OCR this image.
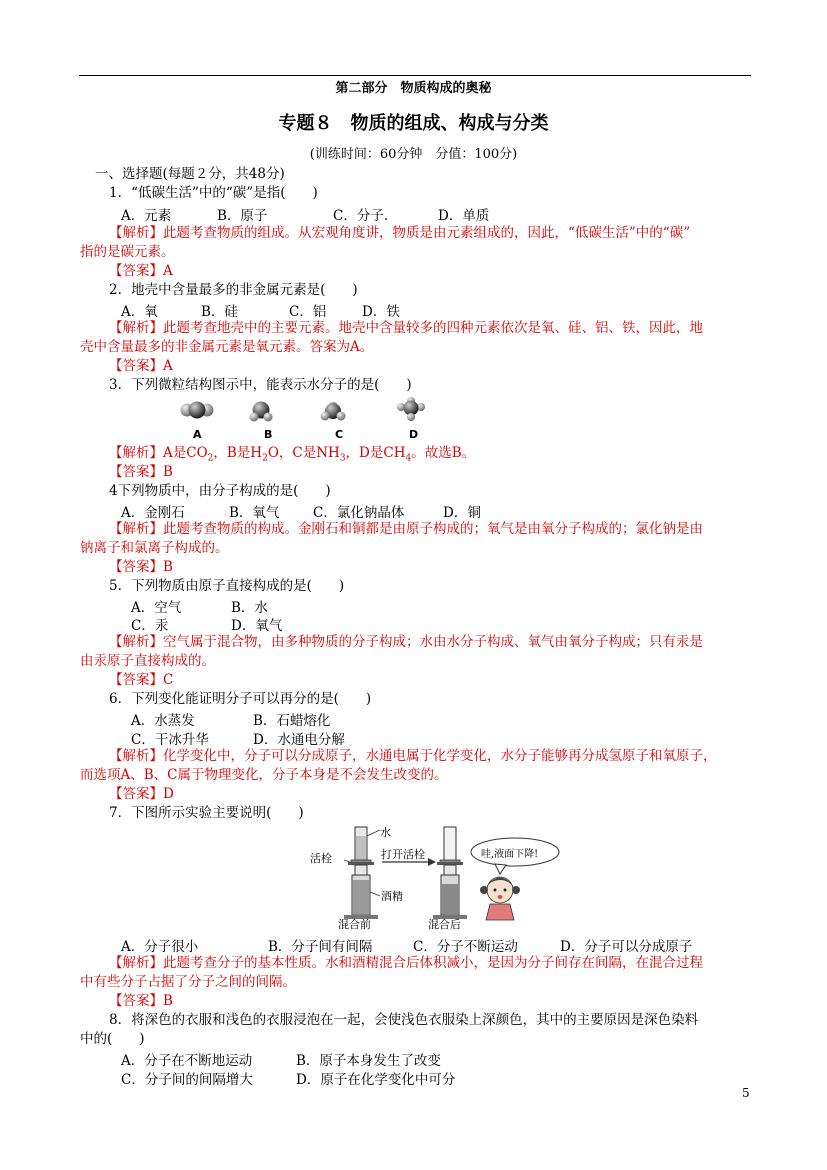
第二部分　物质构成的奥秘
专题８　物质的组成、构成与分类
(训练时间：60分钟　分值：100分)
一、选择题(每题２分，共48分)
1．“低碳生活”中的“碳”是指(　　)
A．元素	B．原子	C．分子.	D．单质
【解析】此题考查物质的组成。从宏观角度讲，物质是由元素组成的，因此，“低碳生活”中的“碳”
指的是碳元素。
【答案】A
2．地壳中含量最多的非金属元素是(　　)
A．氧	B．硅	C．铝	D．铁
【解析】此题考查地壳中的主要元素。地壳中含量较多的四种元素依次是氧、硅、铝、铁，因此，地
壳中含量最多的非金属元素是氧元素。答案为A。
【答案】A
3．下列微粒结构图示中，能表示水分子的是(　　)
A	B	C	D
【解析】A是$CO_2$，B是$H_2O$，C是$NH_3$，D是$CH_4$。故选B。
【答案】B
4下列物质中，由分子构成的是(　　)
A．金刚石	B．氧气 C．氯化钠晶体	D．铜
【解析】此题考查物质的构成。金刚石和铜都是由原子构成的；氧气是由氧分子构成的；氯化钠是由
钠离子和氯离子构成的。
【答案】B
5．下列物质由原子直接构成的是(　　)
A．空气	B．水
C．汞	D．氧气
【解析】空气属于混合物，由多种物质的分子构成；水由水分子构成、氧气由氧分子构成；只有汞是
由汞原子直接构成的。
【答案】C
6．下列变化能证明分子可以再分的是(　　)
A．水蒸发	B．石蜡熔化
C．干冰升华	D．水通电分解
【解析】化学变化中，分子可以分成原子，水通电属于化学变化，水分子能够再分成氢原子和氧原子，
而选项A、B、C属于物理变化，分子本身是不会发生改变的。
【答案】D
7．下图所示实验主要说明(　　)
水
活栓	打开活栓
酒精
混合前	混合后
哇,液面下降!
A．分子很小	B．分子间有间隔	C．分子不断运动	D．分子可以分成原子
【解析】此题考查分子的基本性质。水和酒精混合后体积减小，是因为分子间存在间隔，在混合过程
中有些分子占据了分子之间的间隔。
【答案】B
8．将深色的衣服和浅色的衣服浸泡在一起，会使浅色衣服染上深颜色，其中的主要原因是深色染料
中的(　　)
A．分子在不断地运动	B．原子本身发生了改变
C．分子间的间隔增大	D．原子在化学变化中可分
5
